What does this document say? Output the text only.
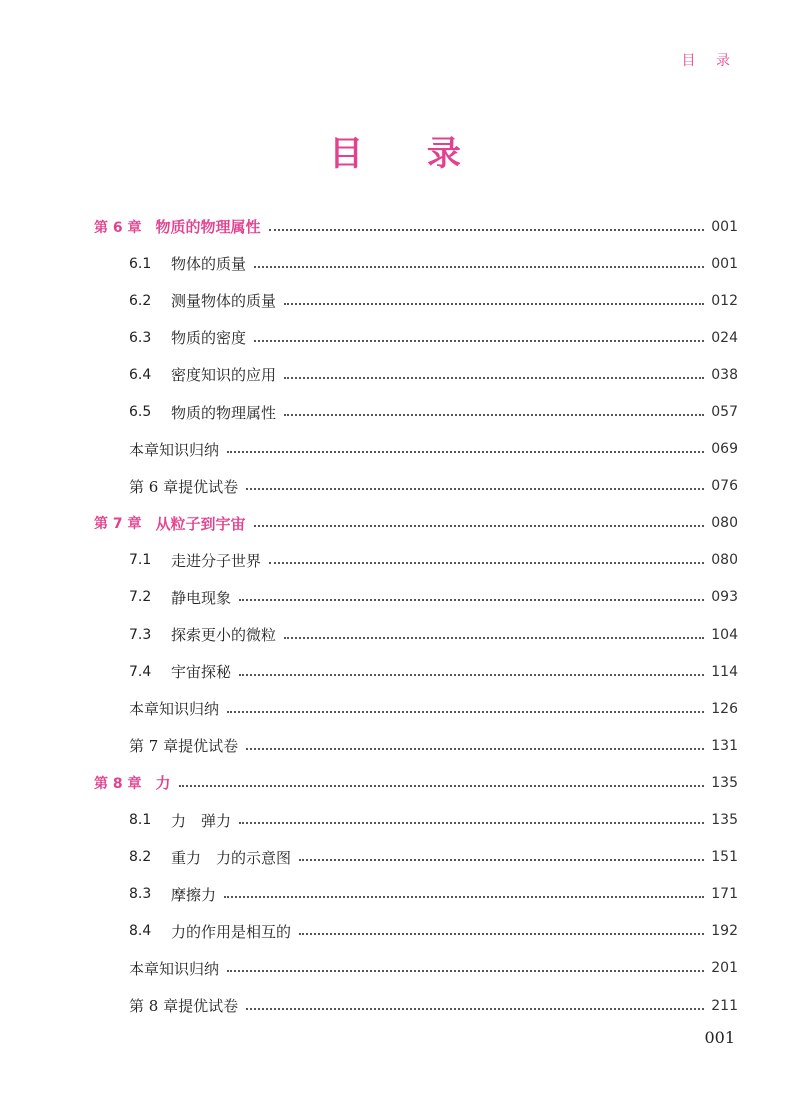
目 录
目 录
第 6 章 物质的物理属性	001
6.1	物体的质量	001
6.2	测量物体的质量	012
6.3	物质的密度	024
6.4	密度知识的应用	038
6.5	物质的物理属性	057
本章知识归纳	069
第 6 章提优试卷	076
第 7 章 从粒子到宇宙	080
7.1	走进分子世界	080
7.2	静电现象	093
7.3	探索更小的微粒	104
7.4	宇宙探秘	114
本章知识归纳	126
第 7 章提优试卷	131
第 8 章 力	135
8.1	力　弹力	135
8.2	重力　力的示意图	151
8.3	摩擦力	171
8.4	力的作用是相互的	192
本章知识归纳	201
第 8 章提优试卷	211
001
